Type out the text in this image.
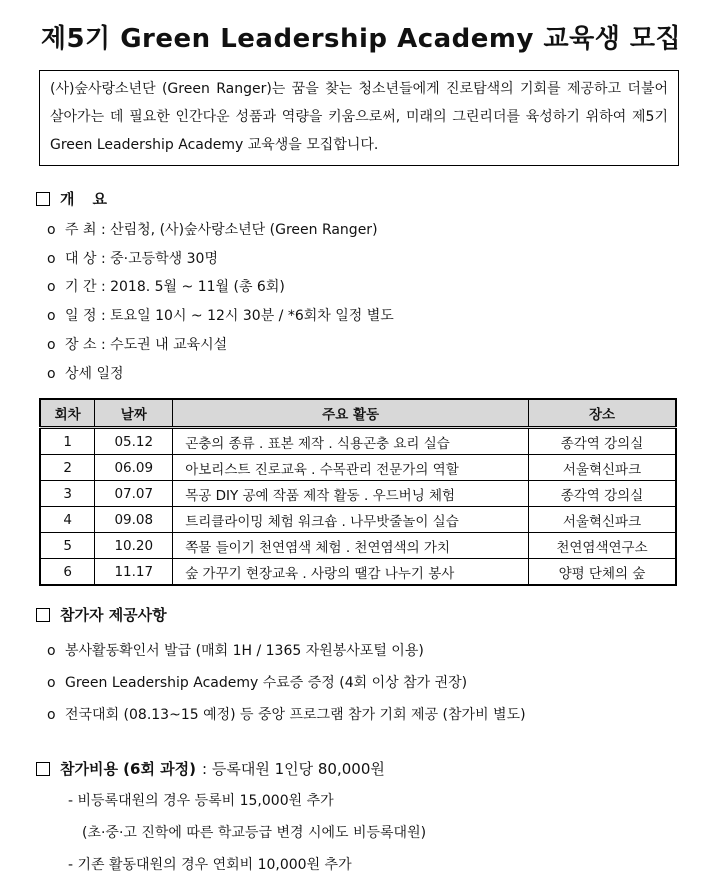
제5기 Green Leadership Academy 교육생 모집
(사)숲사랑소년단 (Green Ranger)는 꿈을 찾는 청소년들에게 진로탐색의 기회를 제공하고 더불어 살아가는 데 필요한 인간다운 성품과 역량을 키움으로써, 미래의 그린리더를 육성하기 위하여 제5기 Green Leadership Academy 교육생을 모집합니다.
개 요
o 주 최 : 산림청, (사)숲사랑소년단 (Green Ranger)
o 대 상 : 중·고등학생 30명
o 기 간 : 2018. 5월 ~ 11월 (총 6회)
o 일 정 : 토요일 10시 ~ 12시 30분 / *6회차 일정 별도
o 장 소 : 수도권 내 교육시설
o 상세 일정
회차	날짜	주요 활동	장소
1	05.12	곤충의 종류 . 표본 제작 . 식용곤충 요리 실습	종각역 강의실
2	06.09	아보리스트 진로교육 . 수목관리 전문가의 역할	서울혁신파크
3	07.07	목공 DIY 공예 작품 제작 활동 . 우드버닝 체험	종각역 강의실
4	09.08	트리클라이밍 체험 워크숍 . 나무밧줄놀이 실습	서울혁신파크
5	10.20	쪽물 들이기 천연염색 체험 . 천연염색의 가치	천연염색연구소
6	11.17	숲 가꾸기 현장교육 . 사랑의 땔감 나누기 봉사	양평 단체의 숲
참가자 제공사항
o 봉사활동확인서 발급 (매회 1H / 1365 자원봉사포털 이용)
o Green Leadership Academy 수료증 증정 (4회 이상 참가 권장)
o 전국대회 (08.13~15 예정) 등 중앙 프로그램 참가 기회 제공 (참가비 별도)
참가비용 (6회 과정) : 등록대원 1인당 80,000원
- 비등록대원의 경우 등록비 15,000원 추가
(초·중·고 진학에 따른 학교등급 변경 시에도 비등록대원)
- 기존 활동대원의 경우 연회비 10,000원 추가
